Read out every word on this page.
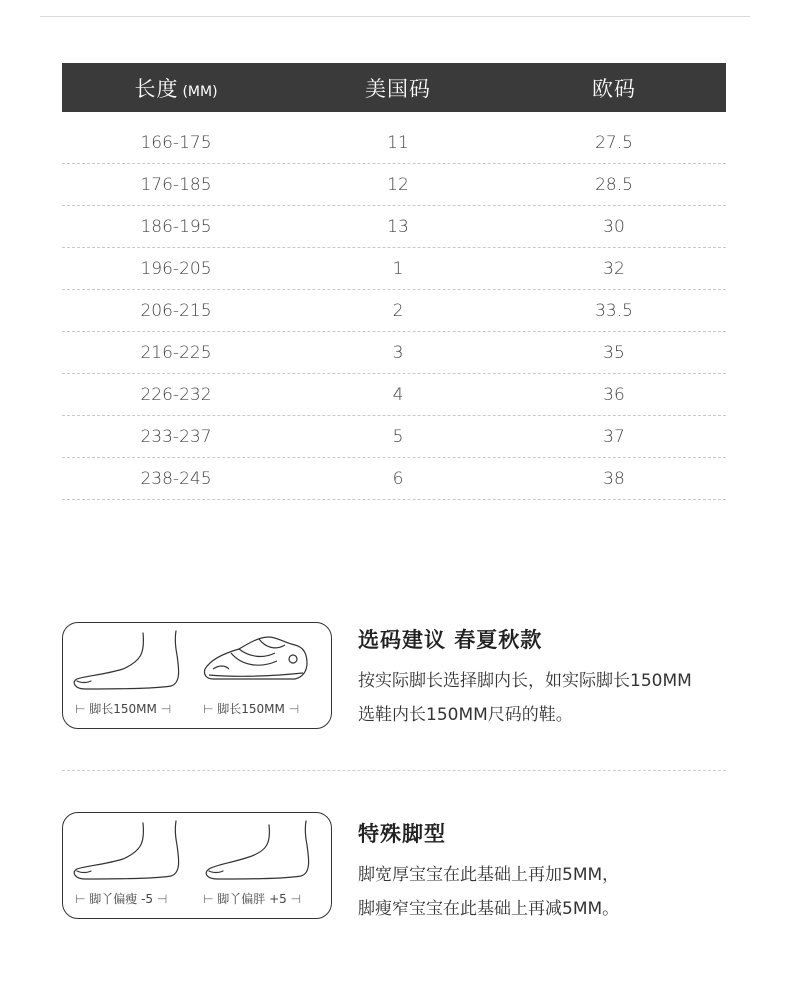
长度 (MM)	美国码	欧码
166-175	11	27.5
176-185	12	28.5
186-195	13	30
196-205	1	32
206-215	2	33.5
216-225	3	35
226-232	4	36
233-237	5	37
238-245	6	38
⊢ 脚长150MM ⊣	⊢ 脚长150MM ⊣
选码建议 春夏秋款
按实际脚长选择脚内长，如实际脚长150MM
选鞋内长150MM尺码的鞋。
⊢ 脚丫偏瘦 -5 ⊣	⊢ 脚丫偏胖 +5 ⊣
特殊脚型
脚宽厚宝宝在此基础上再加5MM，
脚瘦窄宝宝在此基础上再减5MM。
